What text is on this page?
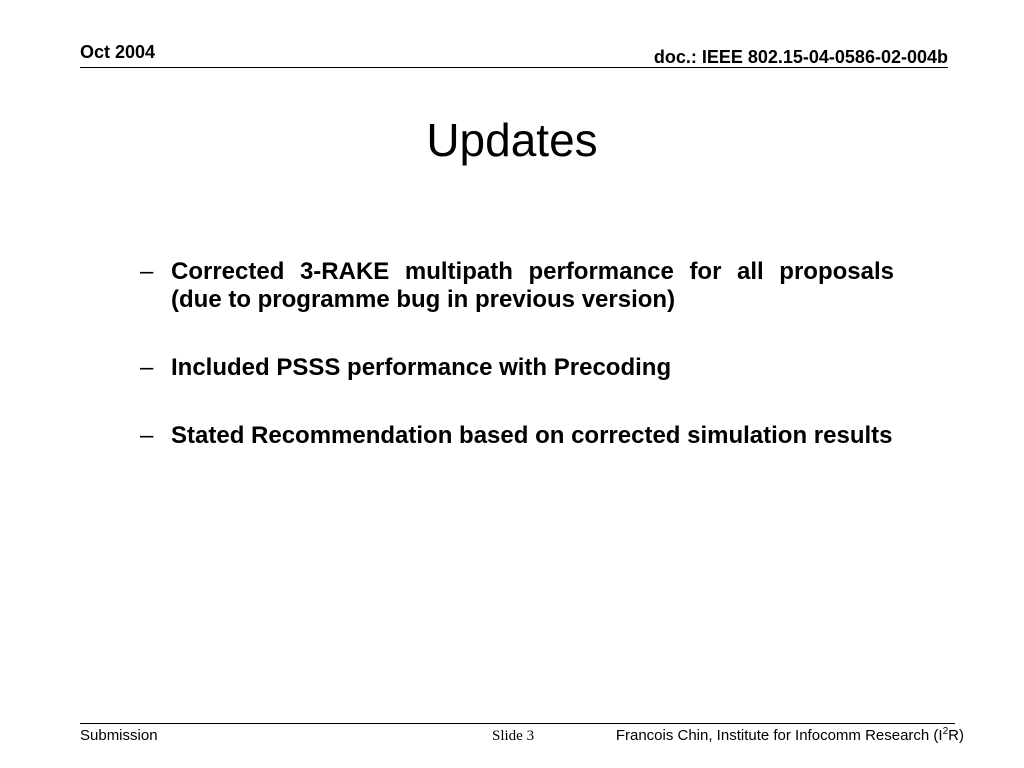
Oct 2004	doc.: IEEE 802.15-04-0586-02-004b
Updates
– Corrected 3-RAKE multipath performance for all proposals (due to programme bug in previous version)
– Included PSSS performance with Precoding
– Stated Recommendation based on corrected simulation results
Submission	Slide 3	Francois Chin, Institute for Infocomm Research $(I^2R)$
